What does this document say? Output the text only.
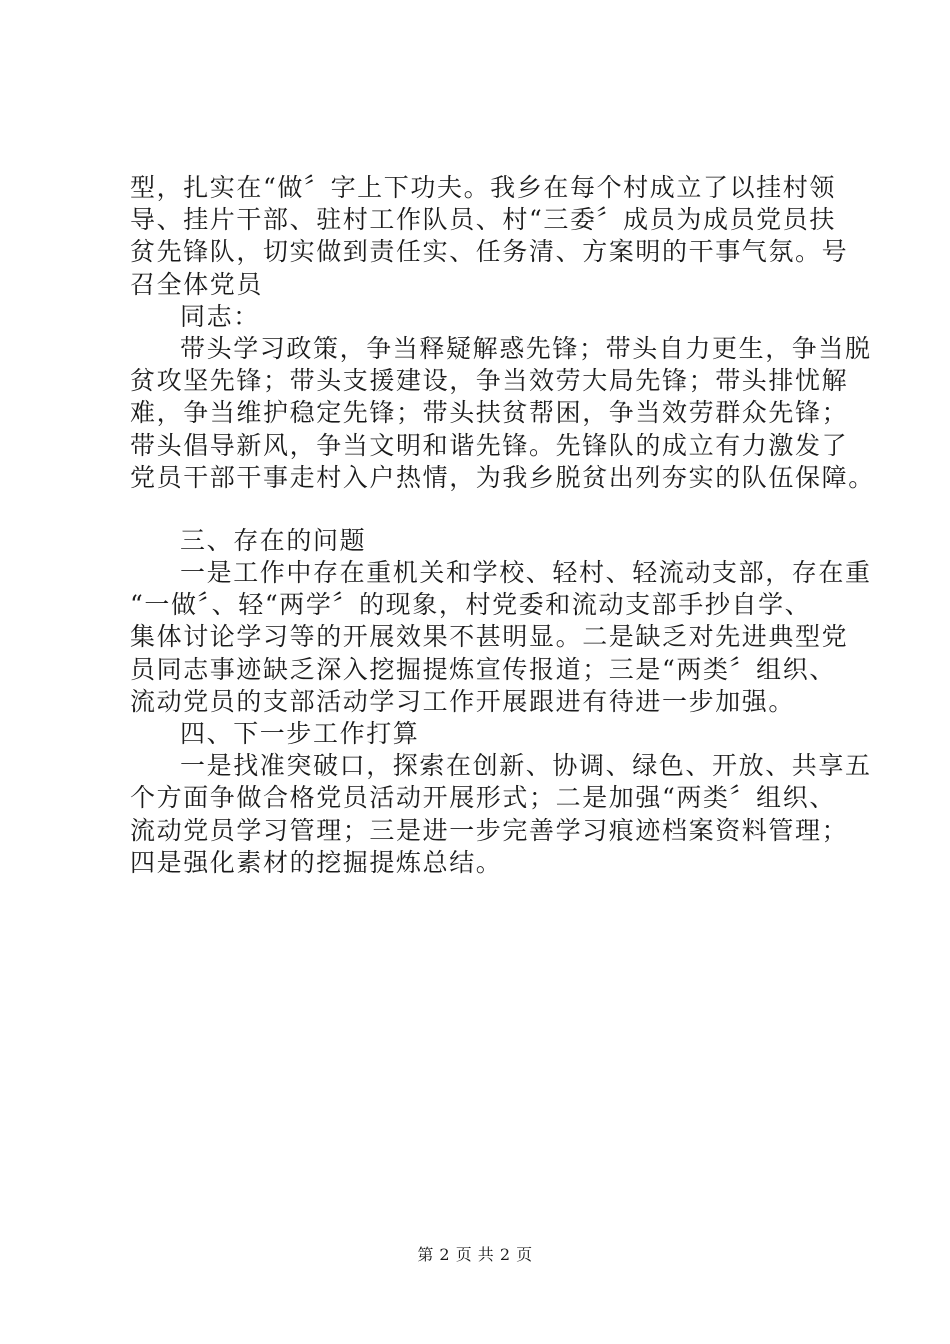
型，扎实在“做〞字上下功夫。我乡在每个村成立了以挂村领
导、挂片干部、驻村工作队员、村“三委〞成员为成员党员扶
贫先锋队，切实做到责任实、任务清、方案明的干事气氛。号
召全体党员
同志：
带头学习政策，争当释疑解惑先锋；带头自力更生，争当脱
贫攻坚先锋；带头支援建设，争当效劳大局先锋；带头排忧解
难，争当维护稳定先锋；带头扶贫帮困，争当效劳群众先锋；
带头倡导新风，争当文明和谐先锋。先锋队的成立有力激发了
党员干部干事走村入户热情，为我乡脱贫出列夯实的队伍保障。
三、存在的问题
一是工作中存在重机关和学校、轻村、轻流动支部，存在重
“一做〞、轻“两学〞的现象，村党委和流动支部手抄自学、
集体讨论学习等的开展效果不甚明显。二是缺乏对先进典型党
员同志事迹缺乏深入挖掘提炼宣传报道；三是“两类〞组织、
流动党员的支部活动学习工作开展跟进有待进一步加强。
四、下一步工作打算
一是找准突破口，探索在创新、协调、绿色、开放、共享五
个方面争做合格党员活动开展形式；二是加强“两类〞组织、
流动党员学习管理；三是进一步完善学习痕迹档案资料管理；
四是强化素材的挖掘提炼总结。
第 2 页 共 2 页
